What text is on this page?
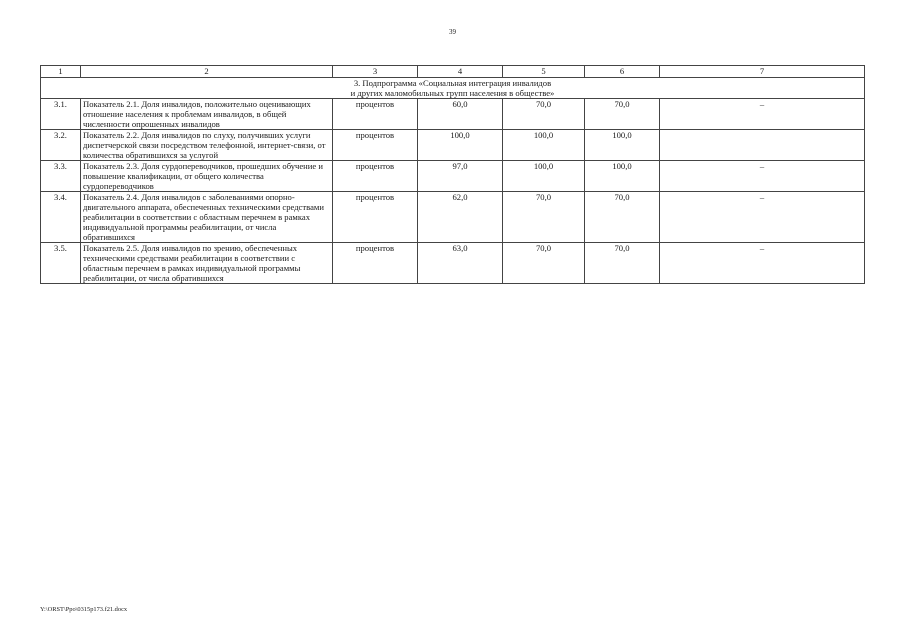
39
1	2	3	4	5	6	7

3. Подпрограмма «Социальная интеграция инвалидов
и других маломобильных групп населения в обществе»						

3.1.	Показатель 2.1. Доля инвалидов, положительно оценивающих отношение населения к проблемам инвалидов, в общей численности опрошенных инвалидов	процентов	60,0	70,0	70,0	–
3.2.	Показатель 2.2. Доля инвалидов по слуху, получивших услуги диспетчерской связи посредством телефонной, интернет-связи, от количества обратившихся за услугой	процентов	100,0	100,0	100,0	
3.3.	Показатель 2.3. Доля сурдопереводчиков, прошедших обучение и повышение квалификации, от общего количества сурдопереводчиков	процентов	97,0	100,0	100,0	–
3.4.	Показатель 2.4. Доля инвалидов с заболеваниями опорно-двигательного аппарата, обеспеченных техническими средствами реабилитации в соответствии с областным перечнем в рамках индивидуальной программы реабилитации, от числа обратившихся	процентов	62,0	70,0	70,0	–
3.5.	Показатель 2.5. Доля инвалидов по зрению, обеспеченных техническими средствами реабилитации в соответствии с областным перечнем в рамках индивидуальной программы реабилитации, от числа обратившихся	процентов	63,0	70,0	70,0	–
Y:\ORST\Ppo\0315p173.f21.docx
